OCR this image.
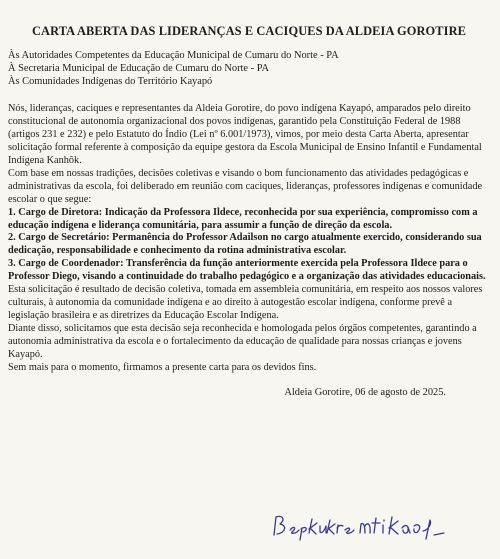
CARTA ABERTA DAS LIDERANÇAS E CACIQUES DA ALDEIA GOROTIRE
Às Autoridades Competentes da Educação Municipal de Cumaru do Norte - PA
À Secretaria Municipal de Educação de Cumaru do Norte - PA
Às Comunidades Indígenas do Território Kayapó

Nós, lideranças, caciques e representantes da Aldeia Gorotire, do povo indígena Kayapó, amparados pelo direito constitucional de autonomia organizacional dos povos indígenas, garantido pela Constituição Federal de 1988 (artigos 231 e 232) e pelo Estatuto do Índio (Lei nº 6.001/1973), vimos, por meio desta Carta Aberta, apresentar solicitação formal referente à composição da equipe gestora da Escola Municipal de Ensino Infantil e Fundamental Indígena Kanhôk.

Com base em nossas tradições, decisões coletivas e visando o bom funcionamento das atividades pedagógicas e administrativas da escola, foi deliberado em reunião com caciques, lideranças, professores indígenas e comunidade escolar o que segue:

1. Cargo de Diretora: Indicação da Professora Ildece, reconhecida por sua experiência, compromisso com a educação indígena e liderança comunitária, para assumir a função de direção da escola.

2. Cargo de Secretário: Permanência do Professor Adailson no cargo atualmente exercido, considerando sua dedicação, responsabilidade e conhecimento da rotina administrativa escolar.

3. Cargo de Coordenador: Transferência da função anteriormente exercida pela Professora Ildece para o Professor Diego, visando a continuidade do trabalho pedagógico e a organização das atividades educacionais.

Esta solicitação é resultado de decisão coletiva, tomada em assembleia comunitária, em respeito aos nossos valores culturais, à autonomia da comunidade indígena e ao direito à autogestão escolar indígena, conforme prevê a legislação brasileira e as diretrizes da Educação Escolar Indígena.

Diante disso, solicitamos que esta decisão seja reconhecida e homologada pelos órgãos competentes, garantindo a autonomia administrativa da escola e o fortalecimento da educação de qualidade para nossas crianças e jovens Kayapó.

Sem mais para o momento, firmamos a presente carta para os devidos fins.

Aldeia Gorotire, 06 de agosto de 2025.
